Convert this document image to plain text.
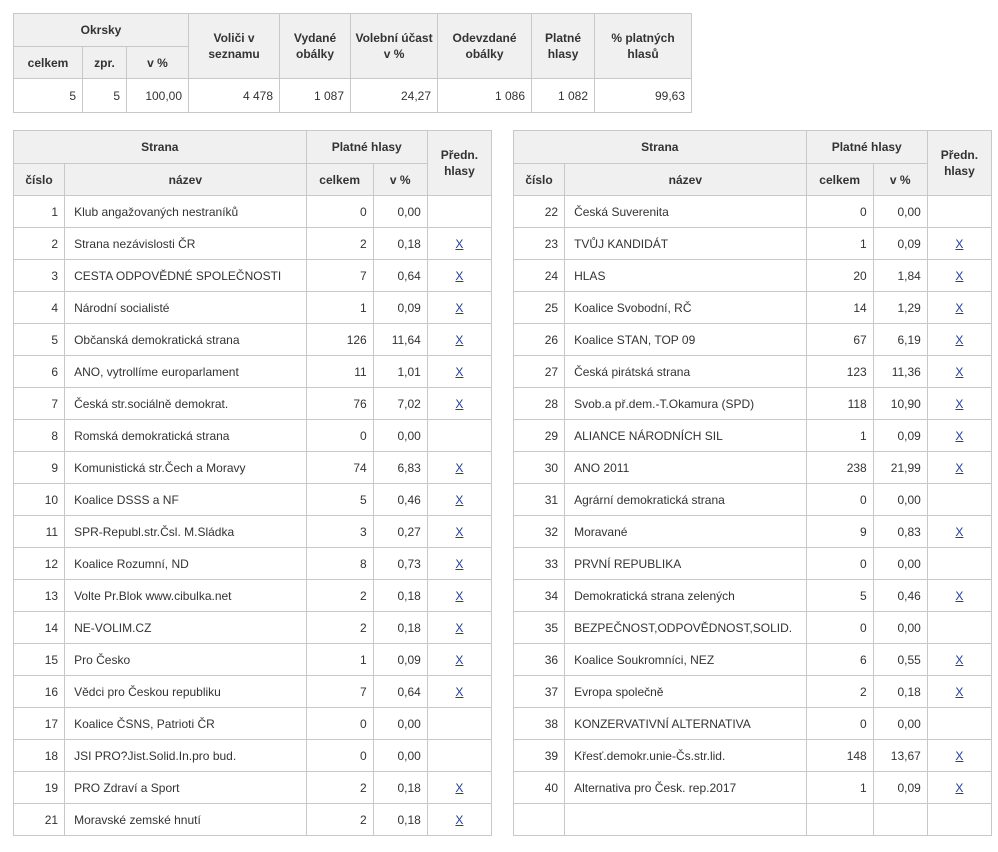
Okrsky			Voliči v seznamu	Vydané obálky	Volební účast v %	Odevzdané obálky	Platné hlasy	% platných hlasů
celkem	zpr.	v %						
5	5	100,00	4 478	1 087	24,27	1 086	1 082	99,63
Strana		Platné hlasy		Předn. hlasy
číslo	název	celkem	v %	
1	Klub angažovaných nestraníků	0	0,00	
2	Strana nezávislosti ČR	2	0,18	X
3	CESTA ODPOVĚDNÉ SPOLEČNOSTI	7	0,64	X
4	Národní socialisté	1	0,09	X
5	Občanská demokratická strana	126	11,64	X
6	ANO, vytrollíme europarlament	11	1,01	X
7	Česká str.sociálně demokrat.	76	7,02	X
8	Romská demokratická strana	0	0,00	
9	Komunistická str.Čech a Moravy	74	6,83	X
10	Koalice DSSS a NF	5	0,46	X
11	SPR-Republ.str.Čsl. M.Sládka	3	0,27	X
12	Koalice Rozumní, ND	8	0,73	X
13	Volte Pr.Blok www.cibulka.net	2	0,18	X
14	NE-VOLIM.CZ	2	0,18	X
15	Pro Česko	1	0,09	X
16	Vědci pro Českou republiku	7	0,64	X
17	Koalice ČSNS, Patrioti ČR	0	0,00	
18	JSI PRO?Jist.Solid.In.pro bud.	0	0,00	
19	PRO Zdraví a Sport	2	0,18	X
21	Moravské zemské hnutí	2	0,18	X
Strana		Platné hlasy		Předn. hlasy
číslo	název	celkem	v %	
22	Česká Suverenita	0	0,00	
23	TVŮJ KANDIDÁT	1	0,09	X
24	HLAS	20	1,84	X
25	Koalice Svobodní, RČ	14	1,29	X
26	Koalice STAN, TOP 09	67	6,19	X
27	Česká pirátská strana	123	11,36	X
28	Svob.a př.dem.-T.Okamura (SPD)	118	10,90	X
29	ALIANCE NÁRODNÍCH SIL	1	0,09	X
30	ANO 2011	238	21,99	X
31	Agrární demokratická strana	0	0,00	
32	Moravané	9	0,83	X
33	PRVNÍ REPUBLIKA	0	0,00	
34	Demokratická strana zelených	5	0,46	X
35	BEZPEČNOST,ODPOVĚDNOST,SOLID.	0	0,00	
36	Koalice Soukromníci, NEZ	6	0,55	X
37	Evropa společně	2	0,18	X
38	KONZERVATIVNÍ ALTERNATIVA	0	0,00	
39	Křesť.demokr.unie-Čs.str.lid.	148	13,67	X
40	Alternativa pro Česk. rep.2017	1	0,09	X
